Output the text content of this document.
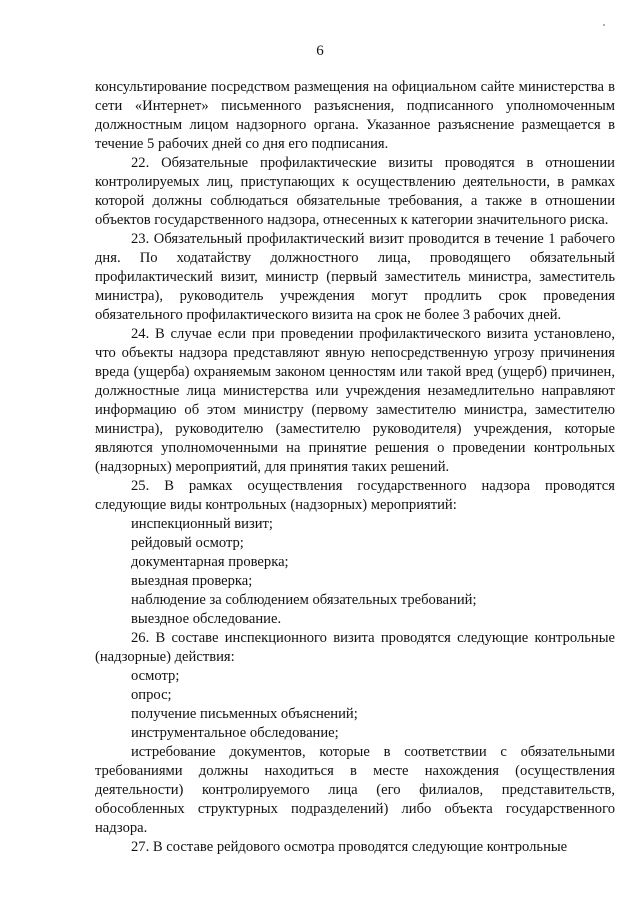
6

консультирование посредством размещения на официальном сайте министерства в сети «Интернет» письменного разъяснения, подписанного уполномоченным должностным лицом надзорного органа. Указанное разъяснение размещается в течение 5 рабочих дней со дня его подписания.

22. Обязательные профилактические визиты проводятся в отношении контролируемых лиц, приступающих к осуществлению деятельности, в рамках которой должны соблюдаться обязательные требования, а также в отношении объектов государственного надзора, отнесенных к категории значительного риска.

23. Обязательный профилактический визит проводится в течение 1 рабочего дня. По ходатайству должностного лица, проводящего обязательный профилактический визит, министр (первый заместитель министра, заместитель министра), руководитель учреждения могут продлить срок проведения обязательного профилактического визита на срок не более 3 рабочих дней.

24. В случае если при проведении профилактического визита установлено, что объекты надзора представляют явную непосредственную угрозу причинения вреда (ущерба) охраняемым законом ценностям или такой вред (ущерб) причинен, должностные лица министерства или учреждения незамедлительно направляют информацию об этом министру (первому заместителю министра, заместителю министра), руководителю (заместителю руководителя) учреждения, которые являются уполномоченными на принятие решения о проведении контрольных (надзорных) мероприятий, для принятия таких решений.

25. В рамках осуществления государственного надзора проводятся следующие виды контрольных (надзорных) мероприятий:

инспекционный визит;

рейдовый осмотр;

документарная проверка;

выездная проверка;

наблюдение за соблюдением обязательных требований;

выездное обследование.

26. В составе инспекционного визита проводятся следующие контрольные (надзорные) действия:

осмотр;

опрос;

получение письменных объяснений;

инструментальное обследование;

истребование документов, которые в соответствии с обязательными требованиями должны находиться в месте нахождения (осуществления деятельности) контролируемого лица (его филиалов, представительств, обособленных структурных подразделений) либо объекта государственного надзора.

27. В составе рейдового осмотра проводятся следующие контрольные
